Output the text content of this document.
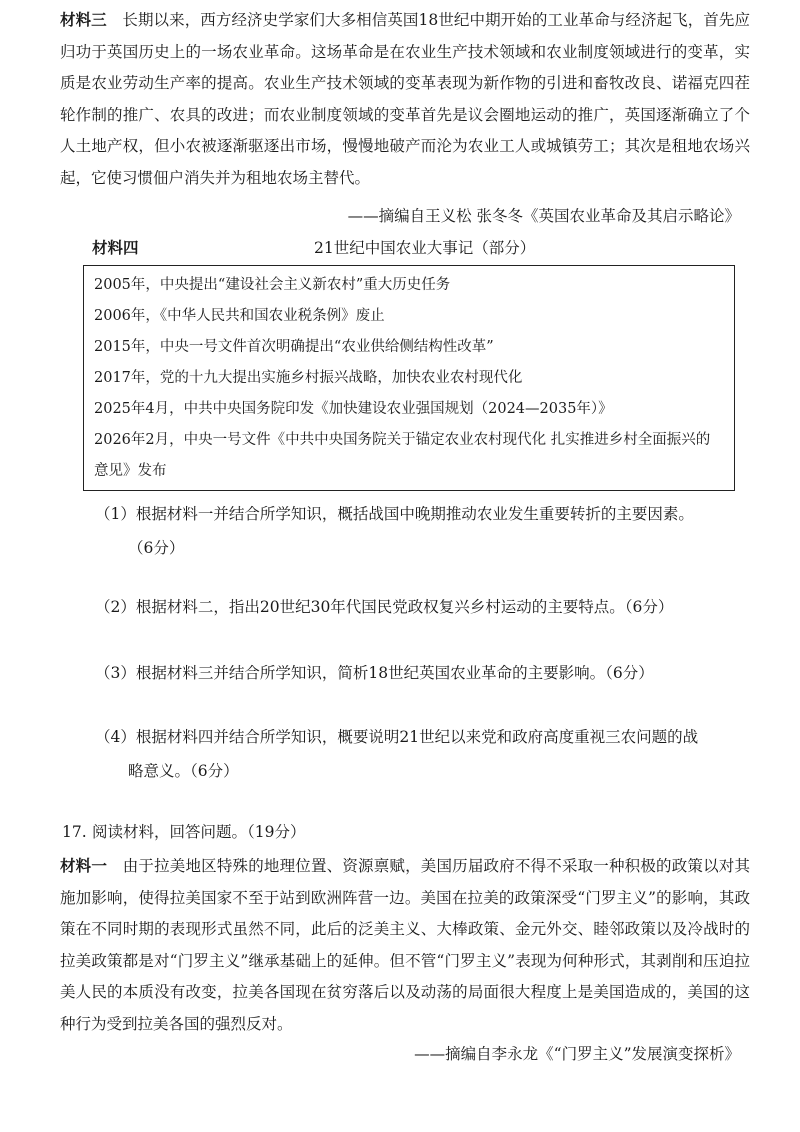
材料三  长期以来，西方经济史学家们大多相信英国18世纪中期开始的工业革命与经济起飞，首先应归功于英国历史上的一场农业革命。这场革命是在农业生产技术领域和农业制度领域进行的变革，实质是农业劳动生产率的提高。农业生产技术领域的变革表现为新作物的引进和畜牧改良、诺福克四茬轮作制的推广、农具的改进；而农业制度领域的变革首先是议会圈地运动的推广，英国逐渐确立了个人土地产权，但小农被逐渐驱逐出市场，慢慢地破产而沦为农业工人或城镇劳工；其次是租地农场兴起，它使习惯佃户消失并为租地农场主替代。

——摘编自王义松 张冬冬《英国农业革命及其启示略论》
材料四	21世纪中国农业大事记（部分）

2005年，中央提出“建设社会主义新农村”重大历史任务

2006年，《中华人民共和国农业税条例》废止

2015年，中央一号文件首次明确提出“农业供给侧结构性改革”

2017年，党的十九大提出实施乡村振兴战略，加快农业农村现代化

2025年4月，中共中央国务院印发《加快建设农业强国规划（2024—2035年）》

2026年2月，中央一号文件《中共中央国务院关于锚定农业农村现代化 扎实推进乡村全面振兴的意见》发布

（1）根据材料一并结合所学知识，概括战国中晚期推动农业发生重要转折的主要因素。
（6分）

（2）根据材料二，指出20世纪30年代国民党政权复兴乡村运动的主要特点。（6分）

（3）根据材料三并结合所学知识，简析18世纪英国农业革命的主要影响。（6分）

（4）根据材料四并结合所学知识，概要说明21世纪以来党和政府高度重视三农问题的战
略意义。（6分）

17. 阅读材料，回答问题。（19分）

材料一  由于拉美地区特殊的地理位置、资源禀赋，美国历届政府不得不采取一种积极的政策以对其施加影响，使得拉美国家不至于站到欧洲阵营一边。美国在拉美的政策深受“门罗主义”的影响，其政策在不同时期的表现形式虽然不同，此后的泛美主义、大棒政策、金元外交、睦邻政策以及冷战时的拉美政策都是对“门罗主义”继承基础上的延伸。但不管“门罗主义”表现为何种形式，其剥削和压迫拉美人民的本质没有改变，拉美各国现在贫穷落后以及动荡的局面很大程度上是美国造成的，美国的这种行为受到拉美各国的强烈反对。

——摘编自李永龙《“门罗主义”发展演变探析》
